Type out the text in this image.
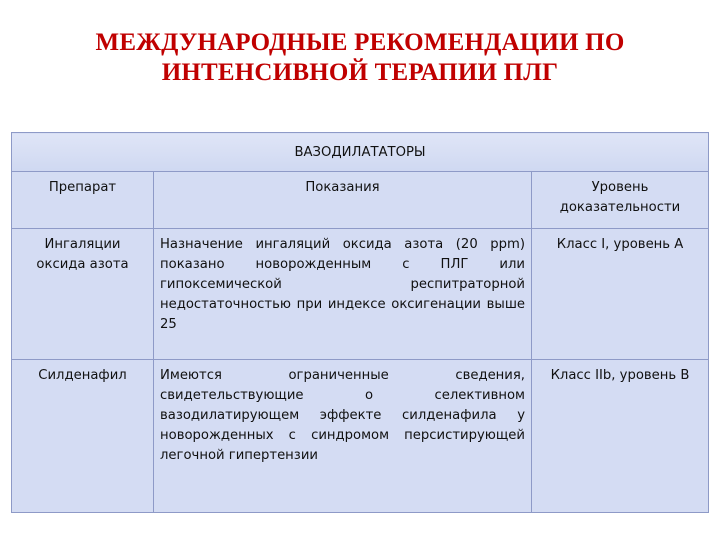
МЕЖДУНАРОДНЫЕ РЕКОМЕНДАЦИИ ПО
ИНТЕНСИВНОЙ ТЕРАПИИ ПЛГ
ВАЗОДИЛАТАТОРЫ		
Препарат	Показания	Уровень доказательности
Ингаляции оксида азота	Назначение ингаляций оксида азота (20 ppm) показано новорожденным с ПЛГ или гипоксемической респитраторной недостаточностью при индексе оксигенации выше 25	Класс I, уровень A
Силденафил	Имеются ограниченные сведения, свидетельствующие о селективном вазодилатирующем эффекте силденафила у новорожденных с синдромом персистирующей легочной гипертензии	Класс IIb, уровень B
